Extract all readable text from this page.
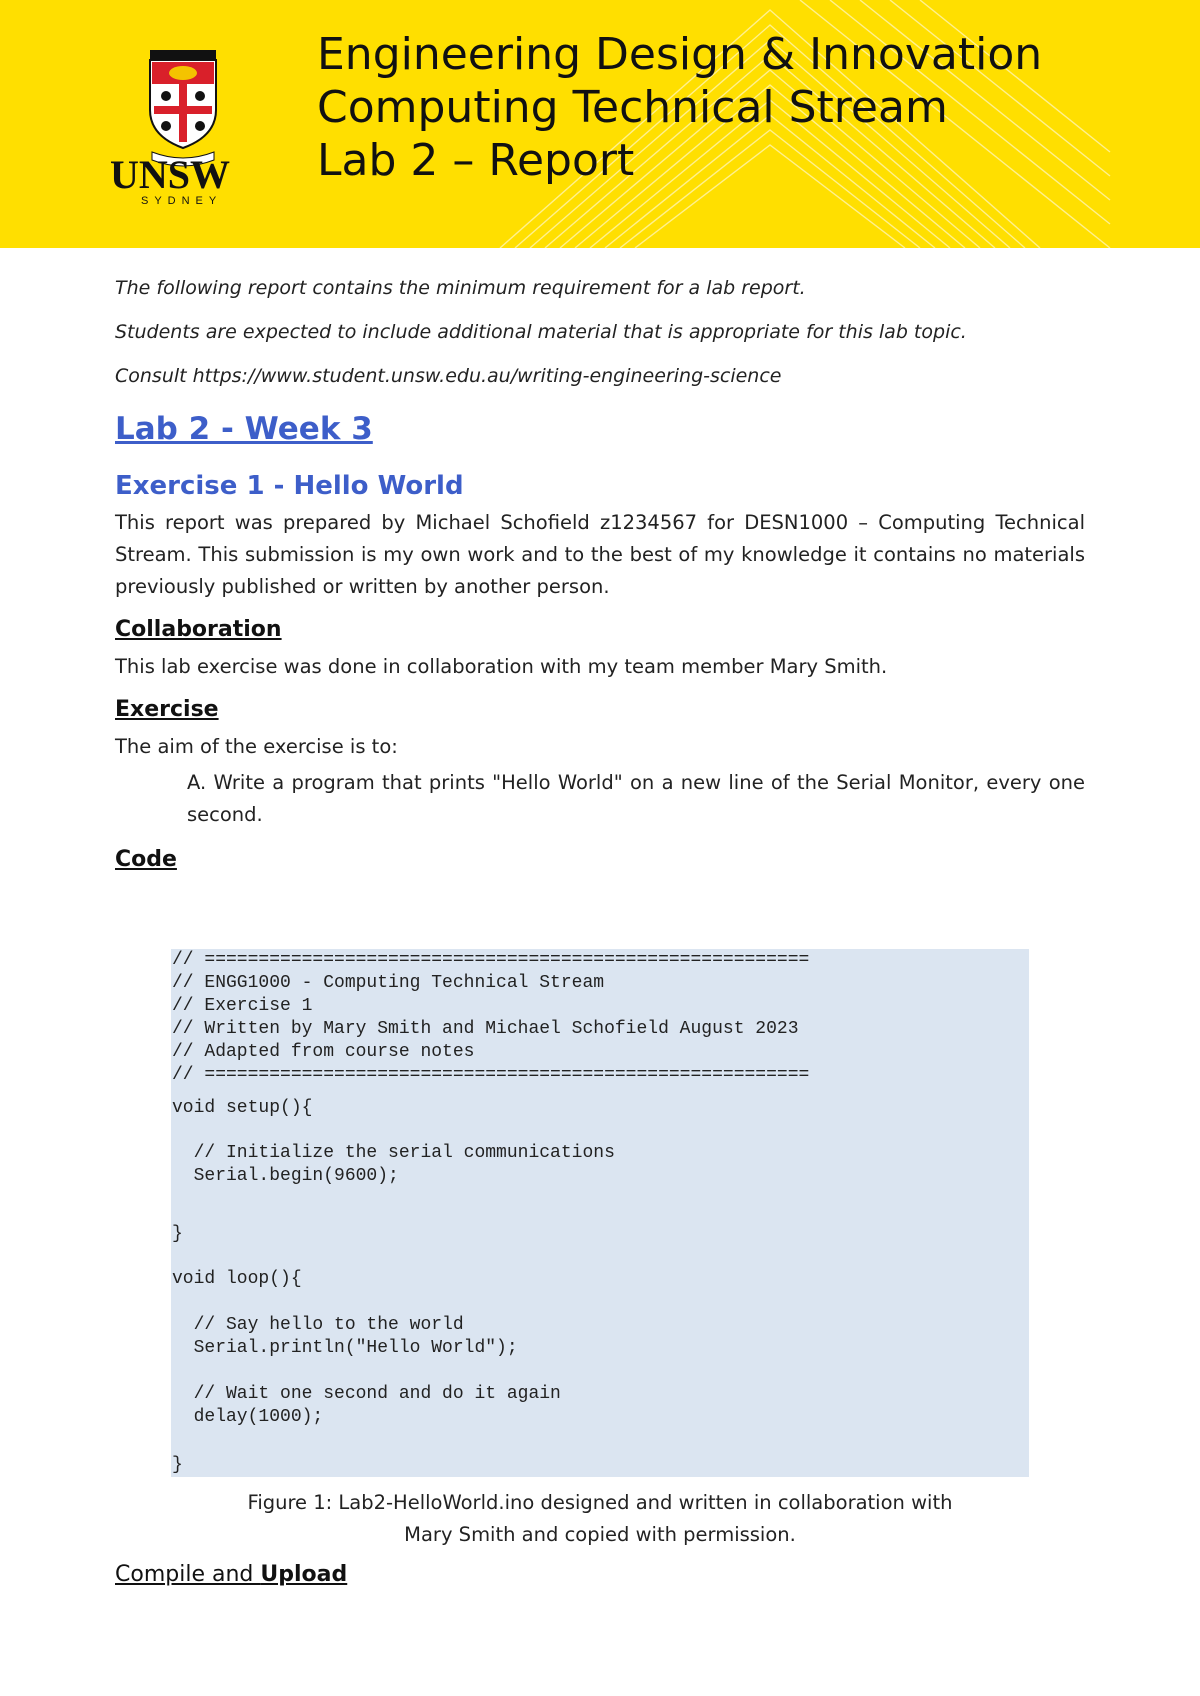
UNSW
SYDNEY
Engineering Design & Innovation
Computing Technical Stream
Lab 2 – Report

The following report contains the minimum requirement for a lab report.

Students are expected to include additional material that is appropriate for this lab topic.

Consult https://www.student.unsw.edu.au/writing-engineering-science

Lab 2 - Week 3
Exercise 1 - Hello World
This report was prepared by Michael Schofield z1234567 for DESN1000 – Computing Technical Stream. This submission is my own work and to the best of my knowledge it contains no materials previously published or written by another person.
Collaboration
This lab exercise was done in collaboration with my team member Mary Smith.
Exercise
The aim of the exercise is to:
A. Write a program that prints "Hello World" on a new line of the Serial Monitor, every one second.
Code
// ========================================================
// ENGG1000 - Computing Technical Stream
// Exercise 1
// Written by Mary Smith and Michael Schofield August 2023
// Adapted from course notes
// ========================================================
void setup(){
// Initialize the serial communications
Serial.begin(9600);
}
void loop(){
// Say hello to the world
Serial.println("Hello World");
// Wait one second and do it again
delay(1000);
}
Figure 1: Lab2-HelloWorld.ino designed and written in collaboration with
Mary Smith and copied with permission.
Compile and Upload
